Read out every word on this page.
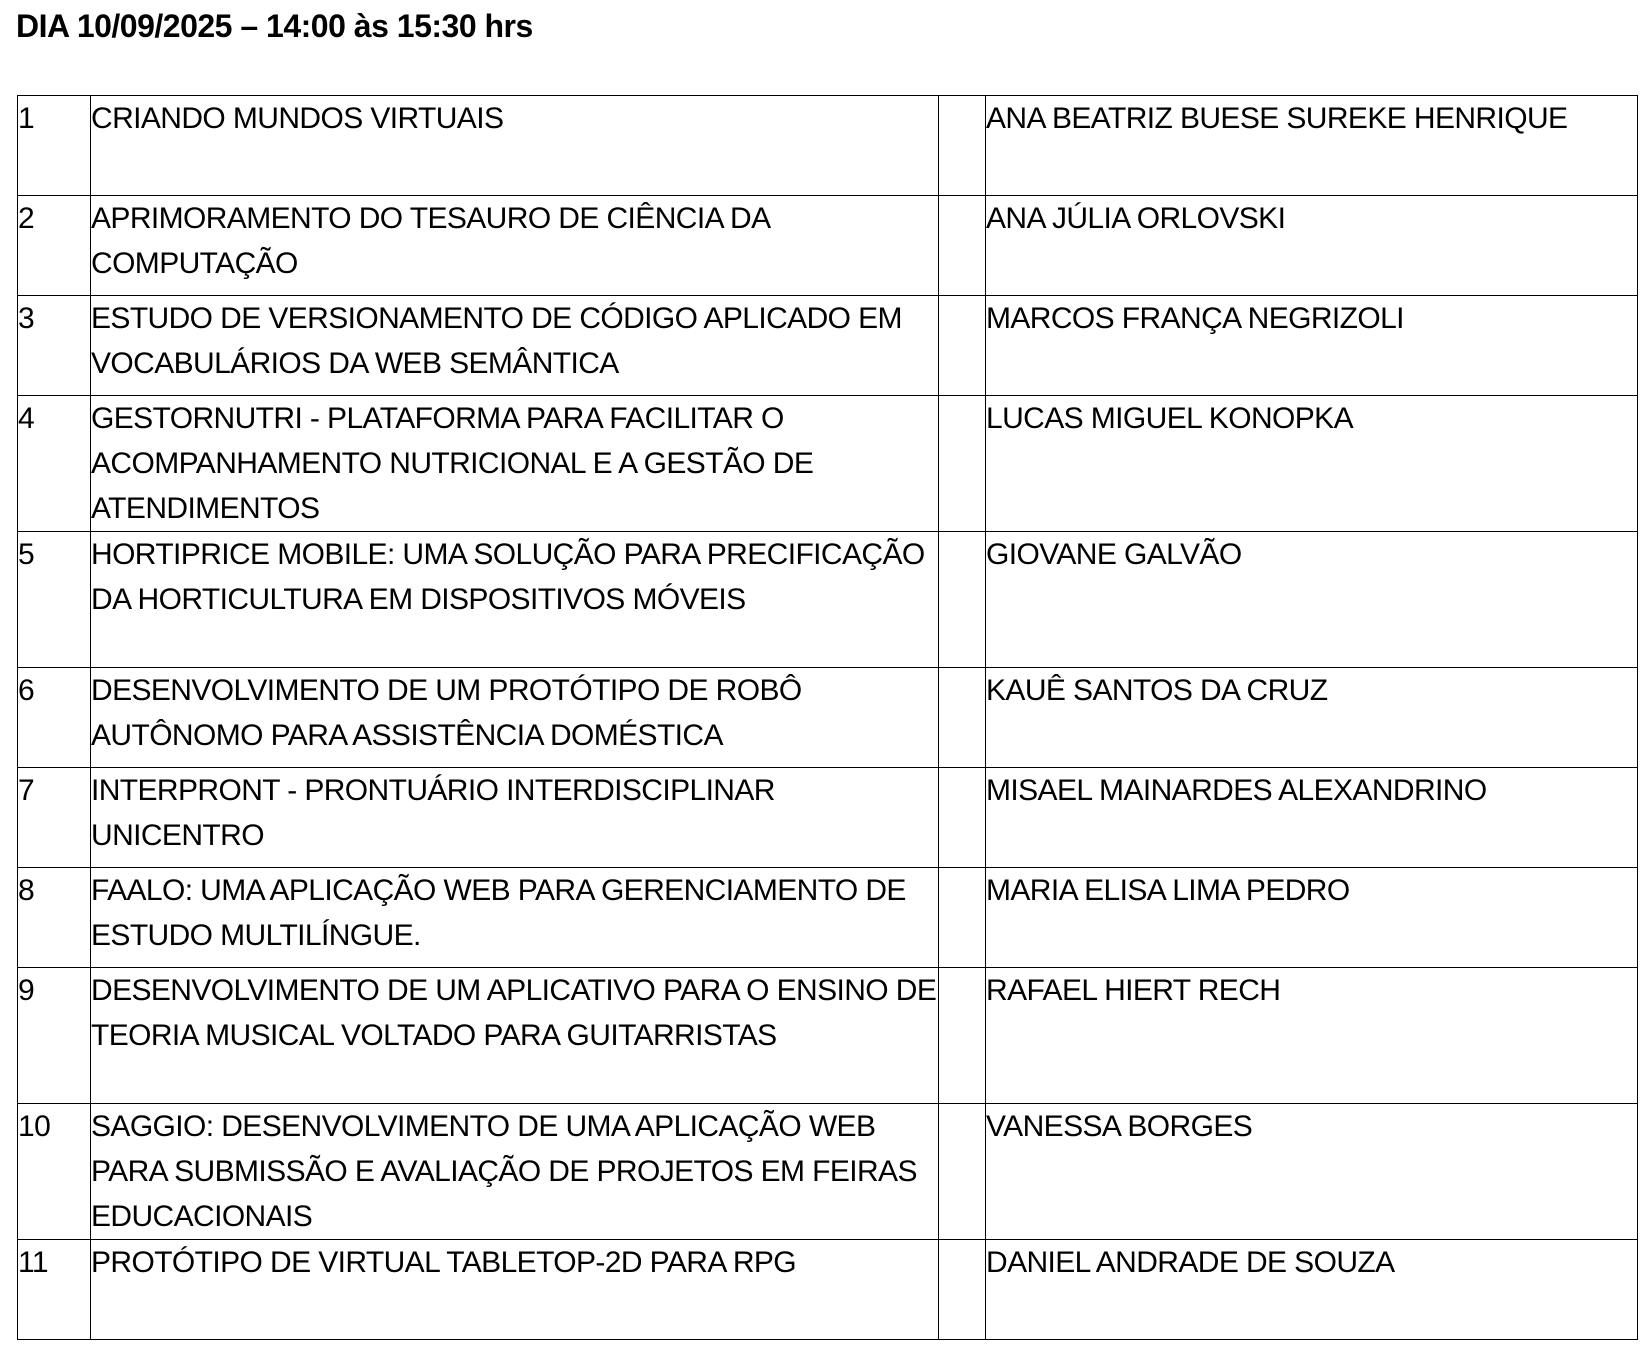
DIA 10/09/2025 – 14:00 às 15:30 hrs
1	CRIANDO MUNDOS VIRTUAIS		ANA BEATRIZ BUESE SUREKE HENRIQUE

2	APRIMORAMENTO DO TESAURO DE CIÊNCIA DA COMPUTAÇÃO		ANA JÚLIA ORLOVSKI

3	ESTUDO DE VERSIONAMENTO DE CÓDIGO APLICADO EM VOCABULÁRIOS DA WEB SEMÂNTICA		MARCOS FRANÇA NEGRIZOLI

4	GESTORNUTRI - PLATAFORMA PARA FACILITAR O ACOMPANHAMENTO NUTRICIONAL E A GESTÃO DE ATENDIMENTOS		LUCAS MIGUEL KONOPKA

5	HORTIPRICE MOBILE: UMA SOLUÇÃO PARA PRECIFICAÇÃO DA HORTICULTURA EM DISPOSITIVOS MÓVEIS		GIOVANE GALVÃO

6	DESENVOLVIMENTO DE UM PROTÓTIPO DE ROBÔ AUTÔNOMO PARA ASSISTÊNCIA DOMÉSTICA		KAUÊ SANTOS DA CRUZ

7	INTERPRONT - PRONTUÁRIO INTERDISCIPLINAR UNICENTRO		MISAEL MAINARDES ALEXANDRINO

8	FAALO: UMA APLICAÇÃO WEB PARA GERENCIAMENTO DE ESTUDO MULTILÍNGUE.		MARIA ELISA LIMA PEDRO

9	DESENVOLVIMENTO DE UM APLICATIVO PARA O ENSINO DE TEORIA MUSICAL VOLTADO PARA GUITARRISTAS		RAFAEL HIERT RECH

10	SAGGIO: DESENVOLVIMENTO DE UMA APLICAÇÃO WEB PARA SUBMISSÃO E AVALIAÇÃO DE PROJETOS EM FEIRAS EDUCACIONAIS		VANESSA BORGES

11	PROTÓTIPO DE VIRTUAL TABLETOP-2D PARA RPG		DANIEL ANDRADE DE SOUZA
